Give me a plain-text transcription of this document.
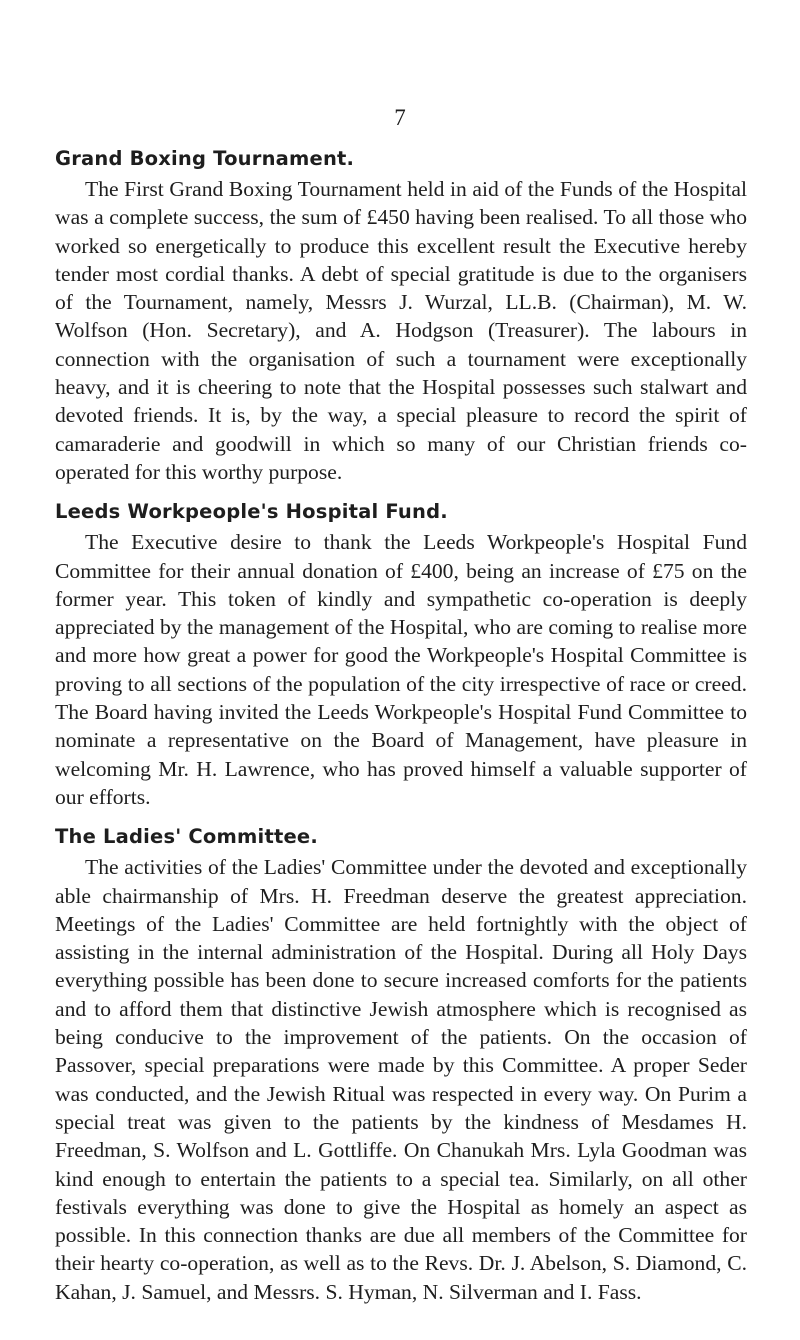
7
Grand Boxing Tournament.

The First Grand Boxing Tournament held in aid of the Funds of the Hospital was a complete success, the sum of £450 having been realised. To all those who worked so energetically to produce this excellent result the Executive hereby tender most cordial thanks. A debt of special gratitude is due to the organisers of the Tournament, namely, Messrs J. Wurzal, LL.B. (Chairman), M. W. Wolfson (Hon. Secretary), and A. Hodgson (Treasurer). The labours in connection with the organisation of such a tournament were exceptionally heavy, and it is cheering to note that the Hospital possesses such stalwart and devoted friends. It is, by the way, a special pleasure to record the spirit of camaraderie and goodwill in which so many of our Christian friends co-operated for this worthy purpose.

Leeds Workpeople's Hospital Fund.

The Executive desire to thank the Leeds Workpeople's Hospital Fund Committee for their annual donation of £400, being an increase of £75 on the former year. This token of kindly and sympathetic co-operation is deeply appreciated by the management of the Hospital, who are coming to realise more and more how great a power for good the Workpeople's Hospital Committee is proving to all sections of the population of the city irrespective of race or creed. The Board having invited the Leeds Workpeople's Hospital Fund Committee to nominate a representative on the Board of Management, have pleasure in welcoming Mr. H. Lawrence, who has proved himself a valuable supporter of our efforts.

The Ladies' Committee.

The activities of the Ladies' Committee under the devoted and exceptionally able chairmanship of Mrs. H. Freedman deserve the greatest appreciation. Meetings of the Ladies' Committee are held fortnightly with the object of assisting in the internal administration of the Hospital. During all Holy Days everything possible has been done to secure increased comforts for the patients and to afford them that distinctive Jewish atmosphere which is recognised as being conducive to the improvement of the patients. On the occasion of Passover, special preparations were made by this Committee. A proper Seder was conducted, and the Jewish Ritual was respected in every way. On Purim a special treat was given to the patients by the kindness of Mesdames H. Freedman, S. Wolfson and L. Gottliffe. On Chanukah Mrs. Lyla Goodman was kind enough to entertain the patients to a special tea. Similarly, on all other festivals everything was done to give the Hospital as homely an aspect as possible. In this connection thanks are due all members of the Committee for their hearty co-operation, as well as to the Revs. Dr. J. Abelson, S. Diamond, C. Kahan, J. Samuel, and Messrs. S. Hyman, N. Silverman and I. Fass.
